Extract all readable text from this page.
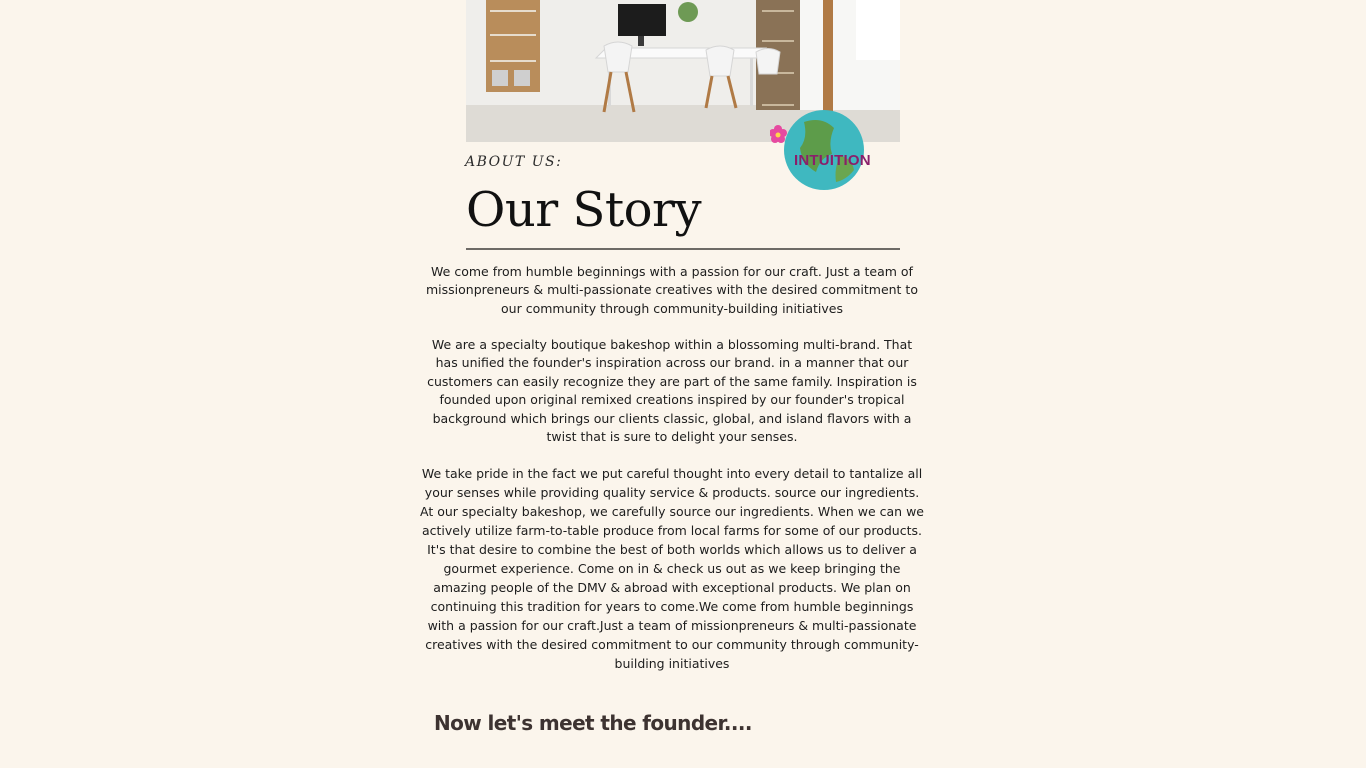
INTUITION
ABOUT US:
Our Story

We come from humble beginnings with a passion for our craft. Just a team of missionpreneurs & multi-passionate creatives with the desired commitment to our community through community-building initiatives

We are a specialty boutique bakeshop within a blossoming multi-brand. That has unified the founder's inspiration across our brand. in a manner that our customers can easily recognize they are part of the same family. Inspiration is founded upon original remixed creations inspired by our founder's tropical background which brings our clients classic, global, and island flavors with a twist that is sure to delight your senses.

We take pride in the fact we put careful thought into every detail to tantalize all your senses while providing quality service & products. source our ingredients. At our specialty bakeshop, we carefully source our ingredients. When we can we actively utilize farm-to-table produce from local farms for some of our products. It's that desire to combine the best of both worlds which allows us to deliver a gourmet experience. Come on in & check us out as we keep bringing the amazing people of the DMV & abroad with exceptional products. We plan on continuing this tradition for years to come.We come from humble beginnings with a passion for our craft.Just a team of missionpreneurs & multi-passionate creatives with the desired commitment to our community through community-building initiatives

Now let's meet the founder....
